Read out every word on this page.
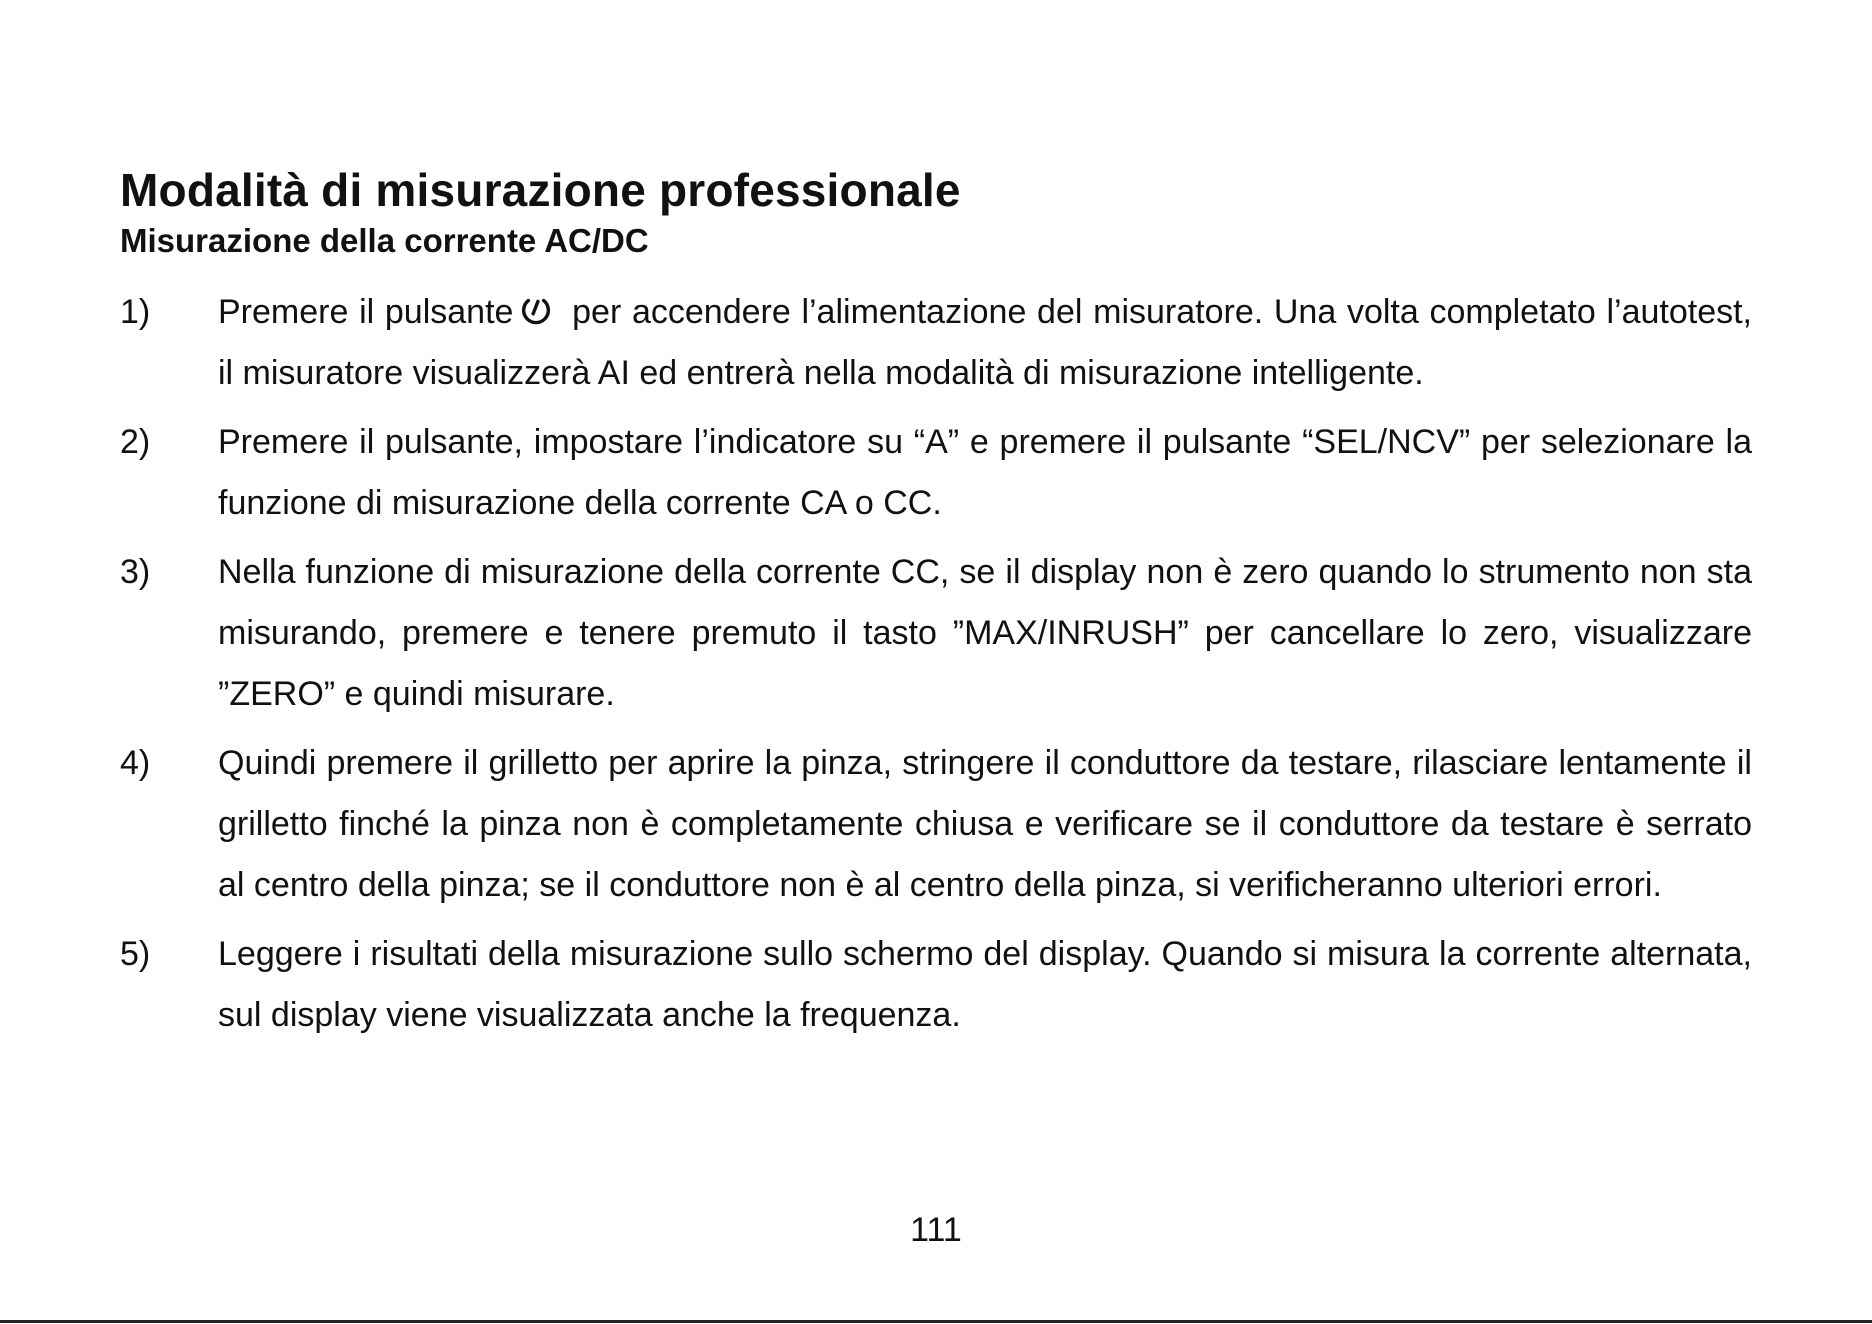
Modalità di misurazione professionale
Misurazione della corrente AC/DC
1)	Premere il pulsante per accendere l’alimentazione del misuratore. Una volta completato l’autotest, il misuratore visualizzerà AI ed entrerà nella modalità di misurazione intelligente.

2)	Premere il pulsante, impostare l’indicatore su “A” e premere il pulsante “SEL/NCV” per selezionare la funzione di misurazione della corrente CA o CC.

3)	Nella funzione di misurazione della corrente CC, se il display non è zero quando lo strumento non sta misurando, premere e tenere premuto il tasto ”MAX/INRUSH” per cancellare lo zero, visualizzare ”ZERO” e quindi misurare.

4)	Quindi premere il grilletto per aprire la pinza, stringere il conduttore da testare, rilasciare lentamente il grilletto finché la pinza non è completamente chiusa e verificare se il conduttore da testare è serrato al centro della pinza; se il conduttore non è al centro della pinza, si verificheranno ulteriori errori.

5)	Leggere i risultati della misurazione sullo schermo del display. Quando si misura la corrente alternata, sul display viene visualizzata anche la frequenza.

111
